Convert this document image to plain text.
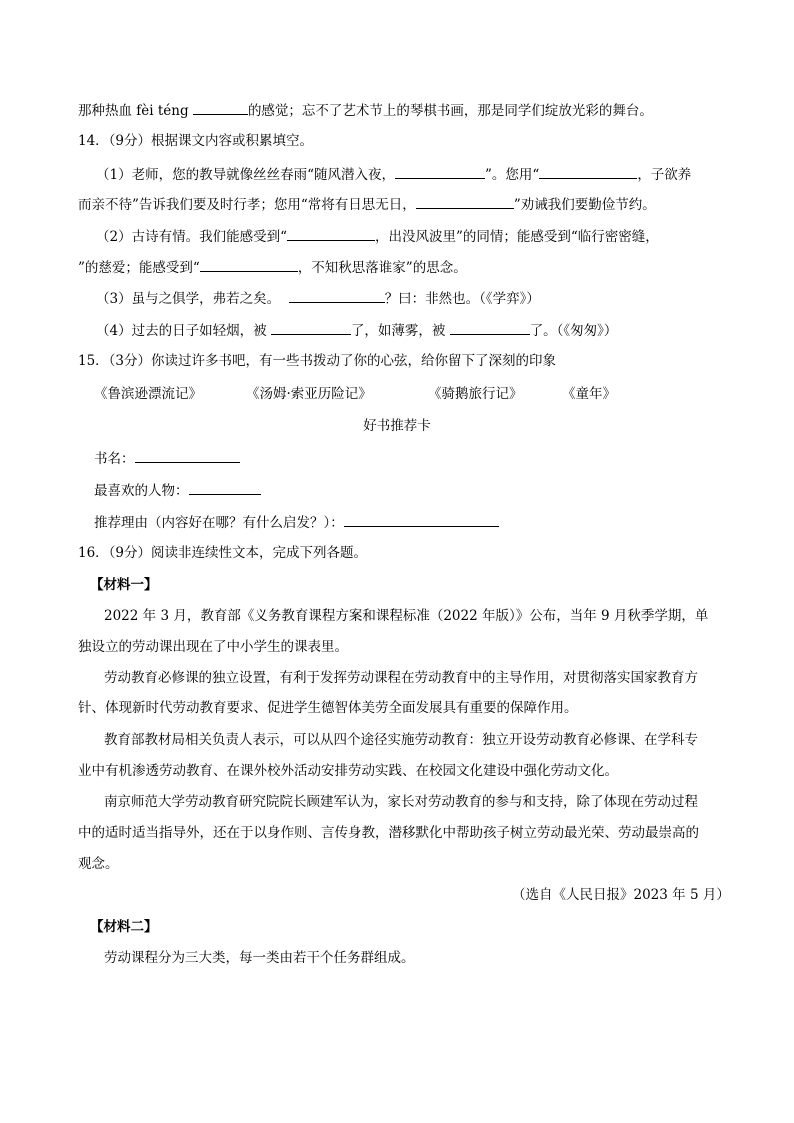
那种热血 fèi téng	的感觉；忘不了艺术节上的琴棋书画，那是同学们绽放光彩的舞台。
14．（9分）根据课文内容或积累填空。
（1）老师，您的教导就像丝丝春雨“随风潜入夜，	”。您用“	，子欲养
而亲不待”告诉我们要及时行孝；您用“常将有日思无日，	”劝诫我们要勤俭节约。
（2）古诗有情。我们能感受到“	，出没风波里”的同情；能感受到“临行密密缝，
”的慈爱；能感受到“	，不知秋思落谁家”的思念。
（3）虽与之俱学，弗若之矣。	？曰：非然也。（《学弈》）
（4）过去的日子如轻烟，被	了，如薄雾，被	了。（《匆匆》）
15．（3分）你读过许多书吧，有一些书拨动了你的心弦，给你留下了深刻的印象
《鲁滨逊漂流记》	《汤姆·索亚历险记》	《骑鹅旅行记》	《童年》
好书推荐卡
书名：
最喜欢的人物：
推荐理由（内容好在哪？有什么启发？）：
16．（9分）阅读非连续性文本，完成下列各题。
【材料一】
2022 年 3 月，教育部《义务教育课程方案和课程标准（2022 年版）》公布，当年 9 月秋季学期，单
独设立的劳动课出现在了中小学生的课表里。
劳动教育必修课的独立设置，有利于发挥劳动课程在劳动教育中的主导作用，对贯彻落实国家教育方
针、体现新时代劳动教育要求、促进学生德智体美劳全面发展具有重要的保障作用。
教育部教材局相关负责人表示，可以从四个途径实施劳动教育：独立开设劳动教育必修课、在学科专
业中有机渗透劳动教育、在课外校外活动安排劳动实践、在校园文化建设中强化劳动文化。
南京师范大学劳动教育研究院院长顾建军认为，家长对劳动教育的参与和支持，除了体现在劳动过程
中的适时适当指导外，还在于以身作则、言传身教，潜移默化中帮助孩子树立劳动最光荣、劳动最崇高的
观念。
（选自《人民日报》2023 年 5 月）
【材料二】
劳动课程分为三大类，每一类由若干个任务群组成。
